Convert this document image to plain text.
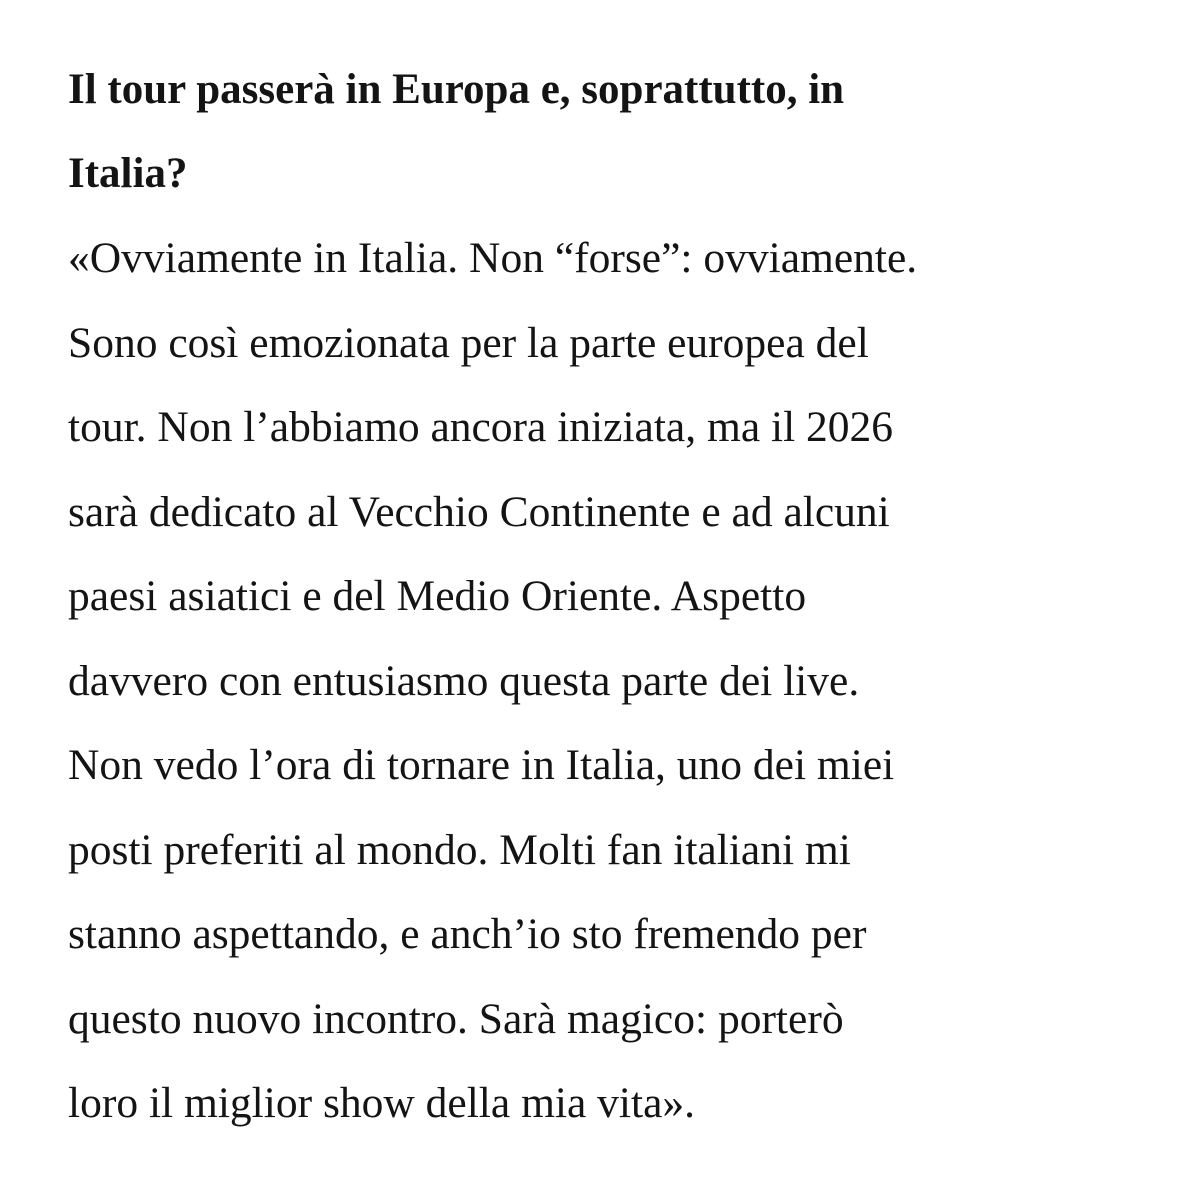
Il tour passerà in Europa e, soprattutto, in
Italia?

«Ovviamente in Italia. Non “forse”: ovviamente.
Sono così emozionata per la parte europea del
tour. Non l’abbiamo ancora iniziata, ma il 2026
sarà dedicato al Vecchio Continente e ad alcuni
paesi asiatici e del Medio Oriente. Aspetto
davvero con entusiasmo questa parte dei live.
Non vedo l’ora di tornare in Italia, uno dei miei
posti preferiti al mondo. Molti fan italiani mi
stanno aspettando, e anch’io sto fremendo per
questo nuovo incontro. Sarà magico: porterò
loro il miglior show della mia vita».
